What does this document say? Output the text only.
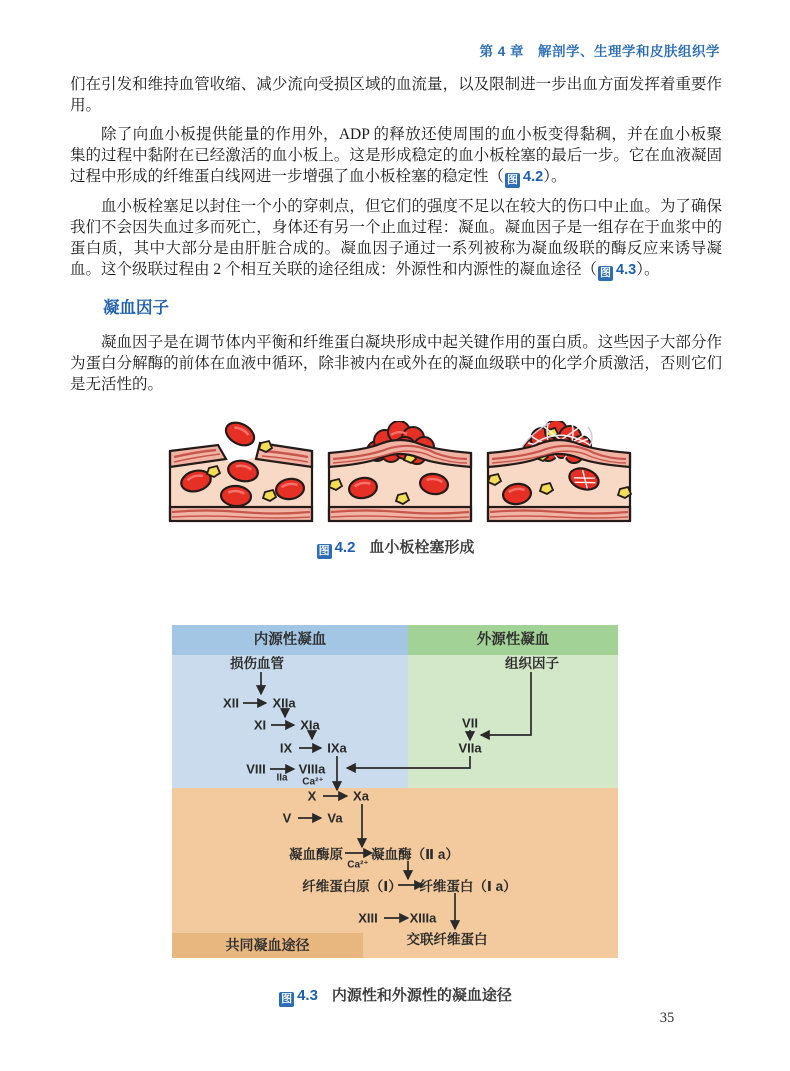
第 4 章　解剖学、生理学和皮肤组织学

们在引发和维持血管收缩、减少流向受损区域的血流量，以及限制进一步出血方面发挥着重要作用。

除了向血小板提供能量的作用外，ADP 的释放还使周围的血小板变得黏稠，并在血小板聚集的过程中黏附在已经激活的血小板上。这是形成稳定的血小板栓塞的最后一步。它在血液凝固过程中形成的纤维蛋白线网进一步增强了血小板栓塞的稳定性（ 图 4.2）。

血小板栓塞足以封住一个小的穿刺点，但它们的强度不足以在较大的伤口中止血。为了确保我们不会因失血过多而死亡，身体还有另一个止血过程：凝血。凝血因子是一组存在于血浆中的蛋白质，其中大部分是由肝脏合成的。凝血因子通过一系列被称为凝血级联的酶反应来诱导凝血。这个级联过程由 2 个相互关联的途径组成：外源性和内源性的凝血途径（ 图 4.3）。

凝血因子

凝血因子是在调节体内平衡和纤维蛋白凝块形成中起关键作用的蛋白质。这些因子大部分作为蛋白分解酶的前体在血液中循环，除非被内在或外在的凝血级联中的化学介质激活，否则它们是无活性的。

图 4.2 血小板栓塞形成
内源性凝血	外源性凝血
损伤血管	组织因子
XII	XIIa
XI	XIa
IX	IXa
VIII
IIa
VIIIa
Ca²⁺
VII
VIIa
X	Xa
V	Va
凝血酶原
Ca²⁺
凝血酶（Ⅱ a）
纤维蛋白原（Ⅰ） 纤维蛋白（Ⅰ a）
XIII XIIIa
交联纤维蛋白
共同凝血途径
图 4.3 内源性和外源性的凝血途径
35
